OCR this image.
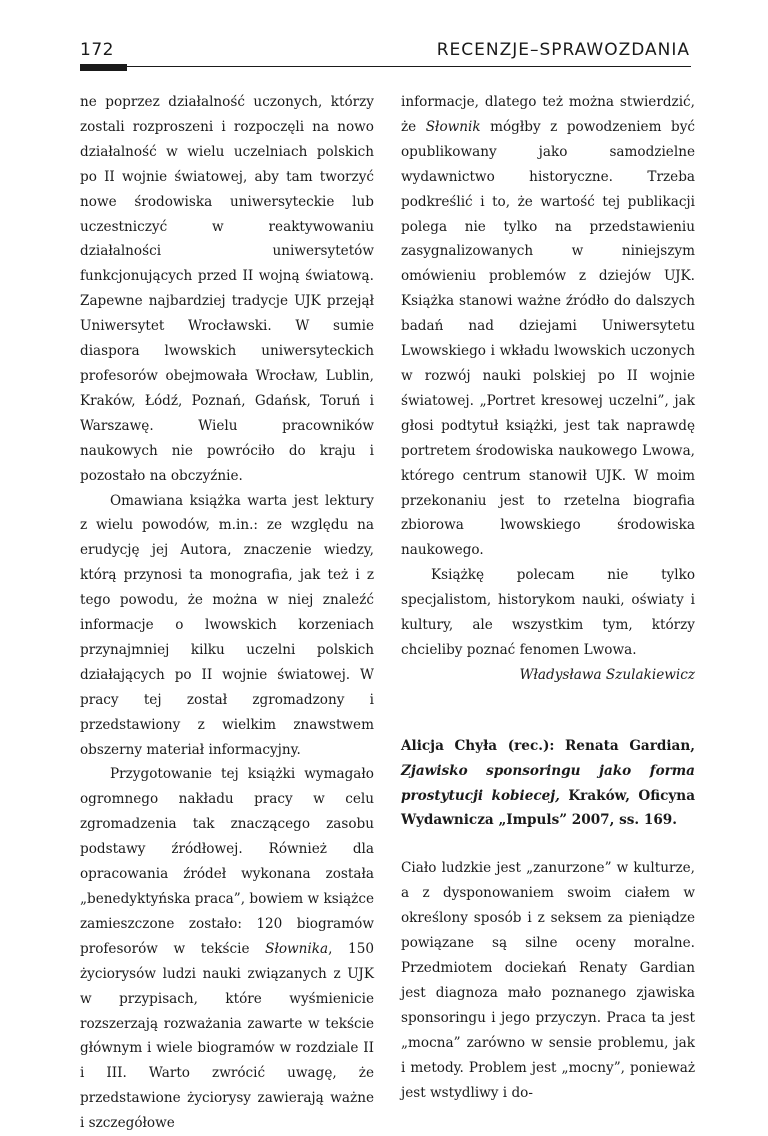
172	RECENZJE–SPRAWOZDANIA

ne poprzez działalność uczonych, którzy zostali rozproszeni i rozpoczęli na nowo działalność w wielu uczelniach polskich po II wojnie światowej, aby tam tworzyć nowe środowiska uniwersyteckie lub uczestniczyć w reaktywowaniu działalności uniwersytetów funkcjonujących przed II wojną światową. Zapewne najbardziej tradycje UJK przejął Uniwersytet Wrocławski. W sumie diaspora lwowskich uniwersyteckich profesorów obejmowała Wrocław, Lublin, Kraków, Łódź, Poznań, Gdańsk, Toruń i Warszawę. Wielu pracowników naukowych nie powróciło do kraju i pozostało na obczyźnie.

Omawiana książka warta jest lektury z wielu powodów, m.in.: ze względu na erudycję jej Autora, znaczenie wiedzy, którą przynosi ta monografia, jak też i z tego powodu, że można w niej znaleźć informacje o lwowskich korzeniach przynajmniej kilku uczelni polskich działających po II wojnie światowej. W pracy tej został zgromadzony i przedstawiony z wielkim znawstwem obszerny materiał informacyjny.

Przygotowanie tej książki wymagało ogromnego nakładu pracy w celu zgromadzenia tak znaczącego zasobu podstawy źródłowej. Również dla opracowania źródeł wykonana została „benedyktyńska praca”, bowiem w książce zamieszczone zostało: 120 biogramów profesorów w tekście Słownika, 150 życiorysów ludzi nauki związanych z UJK w przypisach, które wyśmienicie rozszerzają rozważania zawarte w tekście głównym i wiele biogramów w rozdziale II i III. Warto zwrócić uwagę, że przedstawione życiorysy zawierają ważne i szczegółowe

informacje, dlatego też można stwierdzić, że Słownik mógłby z powodzeniem być opublikowany jako samodzielne wydawnictwo historyczne. Trzeba podkreślić i to, że wartość tej publikacji polega nie tylko na przedstawieniu zasygnalizowanych w niniejszym omówieniu problemów z dziejów UJK. Książka stanowi ważne źródło do dalszych badań nad dziejami Uniwersytetu Lwowskiego i wkładu lwowskich uczonych w rozwój nauki polskiej po II wojnie światowej. „Portret kresowej uczelni”, jak głosi podtytuł książki, jest tak naprawdę portretem środowiska naukowego Lwowa, którego centrum stanowił UJK. W moim przekonaniu jest to rzetelna biografia zbiorowa lwowskiego środowiska naukowego.

Książkę polecam nie tylko specjalistom, historykom nauki, oświaty i kultury, ale wszystkim tym, którzy chcieliby poznać fenomen Lwowa.

Władysława Szulakiewicz

Alicja Chyła (rec.): Renata Gardian, Zjawisko sponsoringu jako forma prostytucji kobiecej, Kraków, Oficyna Wydawnicza „Impuls” 2007, ss. 169.

Ciało ludzkie jest „zanurzone” w kulturze, a z dysponowaniem swoim ciałem w określony sposób i z seksem za pieniądze powiązane są silne oceny moralne. Przedmiotem dociekań Renaty Gardian jest diagnoza mało poznanego zjawiska sponsoringu i jego przyczyn. Praca ta jest „mocna” zarówno w sensie problemu, jak i metody. Problem jest „mocny”, ponieważ jest wstydliwy i do-
